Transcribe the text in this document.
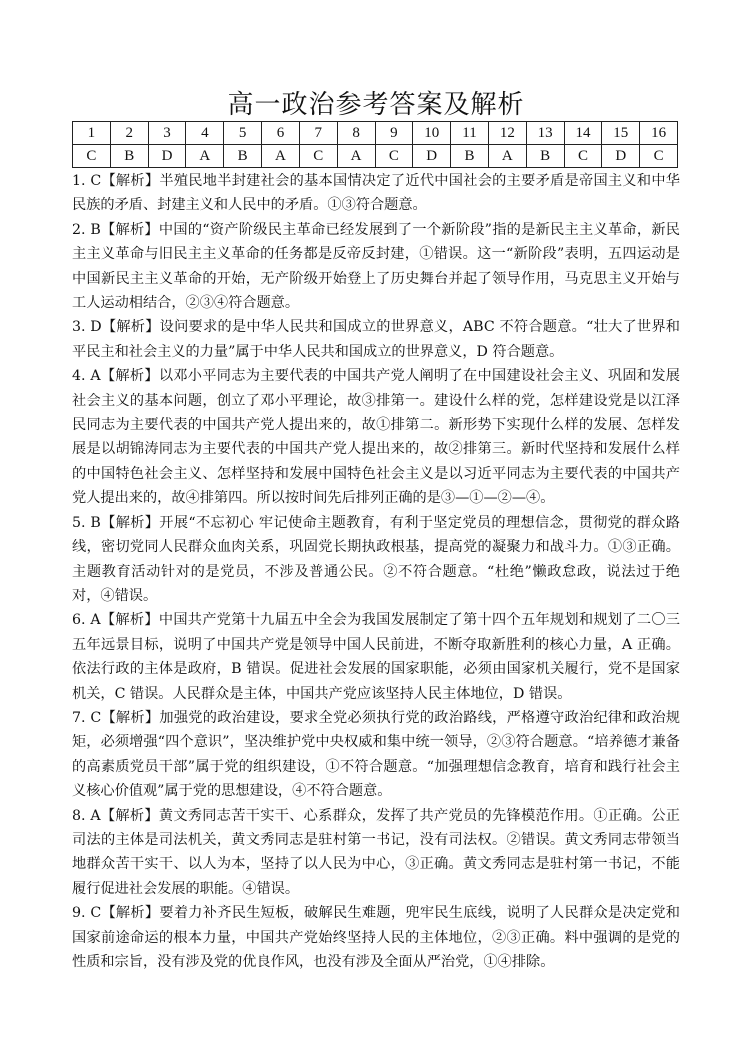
高一政治参考答案及解析
1	2	3	4	5	6	7	8	9	10	11	12	13	14	15	16
C	B	D	A	B	A	C	A	C	D	B	A	B	C	D	C

1. C【解析】半殖民地半封建社会的基本国情决定了近代中国社会的主要矛盾是帝国主义和中华民族的矛盾、封建主义和人民中的矛盾。①③符合题意。

2. B【解析】中国的“资产阶级民主革命已经发展到了一个新阶段”指的是新民主主义革命，新民主主义革命与旧民主主义革命的任务都是反帝反封建，①错误。这一“新阶段”表明，五四运动是中国新民主主义革命的开始，无产阶级开始登上了历史舞台并起了领导作用，马克思主义开始与工人运动相结合，②③④符合题意。

3. D【解析】设问要求的是中华人民共和国成立的世界意义，ABC 不符合题意。“壮大了世界和平民主和社会主义的力量”属于中华人民共和国成立的世界意义，D 符合题意。

4. A【解析】以邓小平同志为主要代表的中国共产党人阐明了在中国建设社会主义、巩固和发展社会主义的基本问题，创立了邓小平理论，故③排第一。建设什么样的党，怎样建设党是以江泽民同志为主要代表的中国共产党人提出来的，故①排第二。新形势下实现什么样的发展、怎样发展是以胡锦涛同志为主要代表的中国共产党人提出来的，故②排第三。新时代坚持和发展什么样的中国特色社会主义、怎样坚持和发展中国特色社会主义是以习近平同志为主要代表的中国共产党人提出来的，故④排第四。所以按时间先后排列正确的是③—①—②—④。

5. B【解析】开展“不忘初心 牢记使命主题教育，有利于坚定党员的理想信念，贯彻党的群众路线，密切党同人民群众血肉关系，巩固党长期执政根基，提高党的凝聚力和战斗力。①③正确。主题教育活动针对的是党员，不涉及普通公民。②不符合题意。“杜绝”懒政怠政，说法过于绝对，④错误。

6. A【解析】中国共产党第十九届五中全会为我国发展制定了第十四个五年规划和规划了二〇三五年远景目标，说明了中国共产党是领导中国人民前进，不断夺取新胜利的核心力量，A 正确。依法行政的主体是政府，B 错误。促进社会发展的国家职能，必须由国家机关履行，党不是国家机关，C 错误。人民群众是主体，中国共产党应该坚持人民主体地位，D 错误。

7. C【解析】加强党的政治建设，要求全党必须执行党的政治路线，严格遵守政治纪律和政治规矩，必须增强“四个意识”，坚决维护党中央权威和集中统一领导，②③符合题意。“培养德才兼备的高素质党员干部”属于党的组织建设，①不符合题意。“加强理想信念教育，培育和践行社会主义核心价值观”属于党的思想建设，④不符合题意。

8. A【解析】黄文秀同志苦干实干、心系群众，发挥了共产党员的先锋模范作用。①正确。公正司法的主体是司法机关，黄文秀同志是驻村第一书记，没有司法权。②错误。黄文秀同志带领当地群众苦干实干、以人为本，坚持了以人民为中心，③正确。黄文秀同志是驻村第一书记，不能履行促进社会发展的职能。④错误。

9. C【解析】要着力补齐民生短板，破解民生难题，兜牢民生底线，说明了人民群众是决定党和国家前途命运的根本力量，中国共产党始终坚持人民的主体地位，②③正确。料中强调的是党的性质和宗旨，没有涉及党的优良作风，也没有涉及全面从严治党，①④排除。
